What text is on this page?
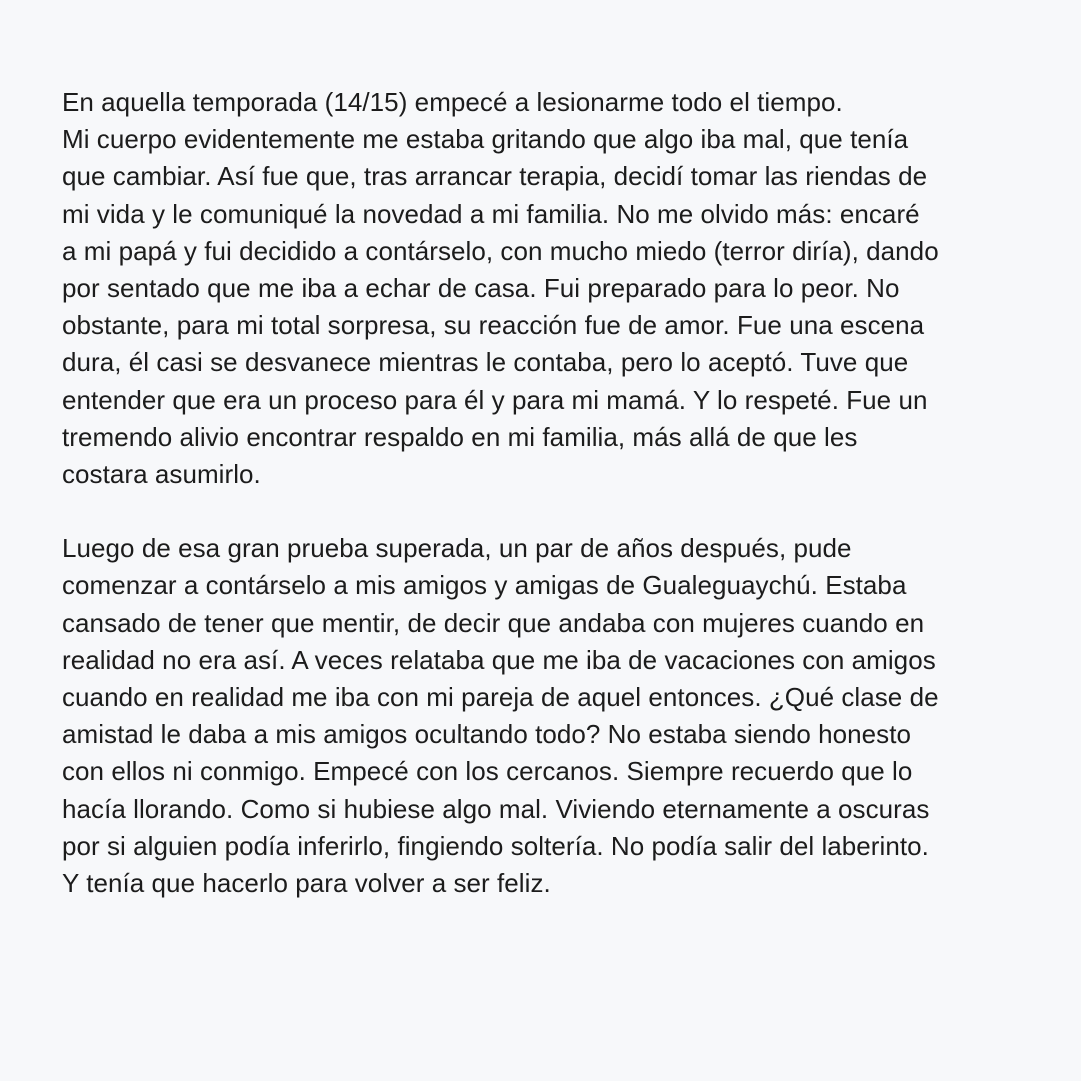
En aquella temporada (14/15) empecé a lesionarme todo el tiempo.
Mi cuerpo evidentemente me estaba gritando que algo iba mal, que tenía
que cambiar. Así fue que, tras arrancar terapia, decidí tomar las riendas de
mi vida y le comuniqué la novedad a mi familia. No me olvido más: encaré
a mi papá y fui decidido a contárselo, con mucho miedo (terror diría), dando
por sentado que me iba a echar de casa. Fui preparado para lo peor. No
obstante, para mi total sorpresa, su reacción fue de amor. Fue una escena
dura, él casi se desvanece mientras le contaba, pero lo aceptó. Tuve que
entender que era un proceso para él y para mi mamá. Y lo respeté. Fue un
tremendo alivio encontrar respaldo en mi familia, más allá de que les
costara asumirlo.
Luego de esa gran prueba superada, un par de años después, pude
comenzar a contárselo a mis amigos y amigas de Gualeguaychú. Estaba
cansado de tener que mentir, de decir que andaba con mujeres cuando en
realidad no era así. A veces relataba que me iba de vacaciones con amigos
cuando en realidad me iba con mi pareja de aquel entonces. ¿Qué clase de
amistad le daba a mis amigos ocultando todo? No estaba siendo honesto
con ellos ni conmigo. Empecé con los cercanos. Siempre recuerdo que lo
hacía llorando. Como si hubiese algo mal. Viviendo eternamente a oscuras
por si alguien podía inferirlo, fingiendo soltería. No podía salir del laberinto.
Y tenía que hacerlo para volver a ser feliz.
